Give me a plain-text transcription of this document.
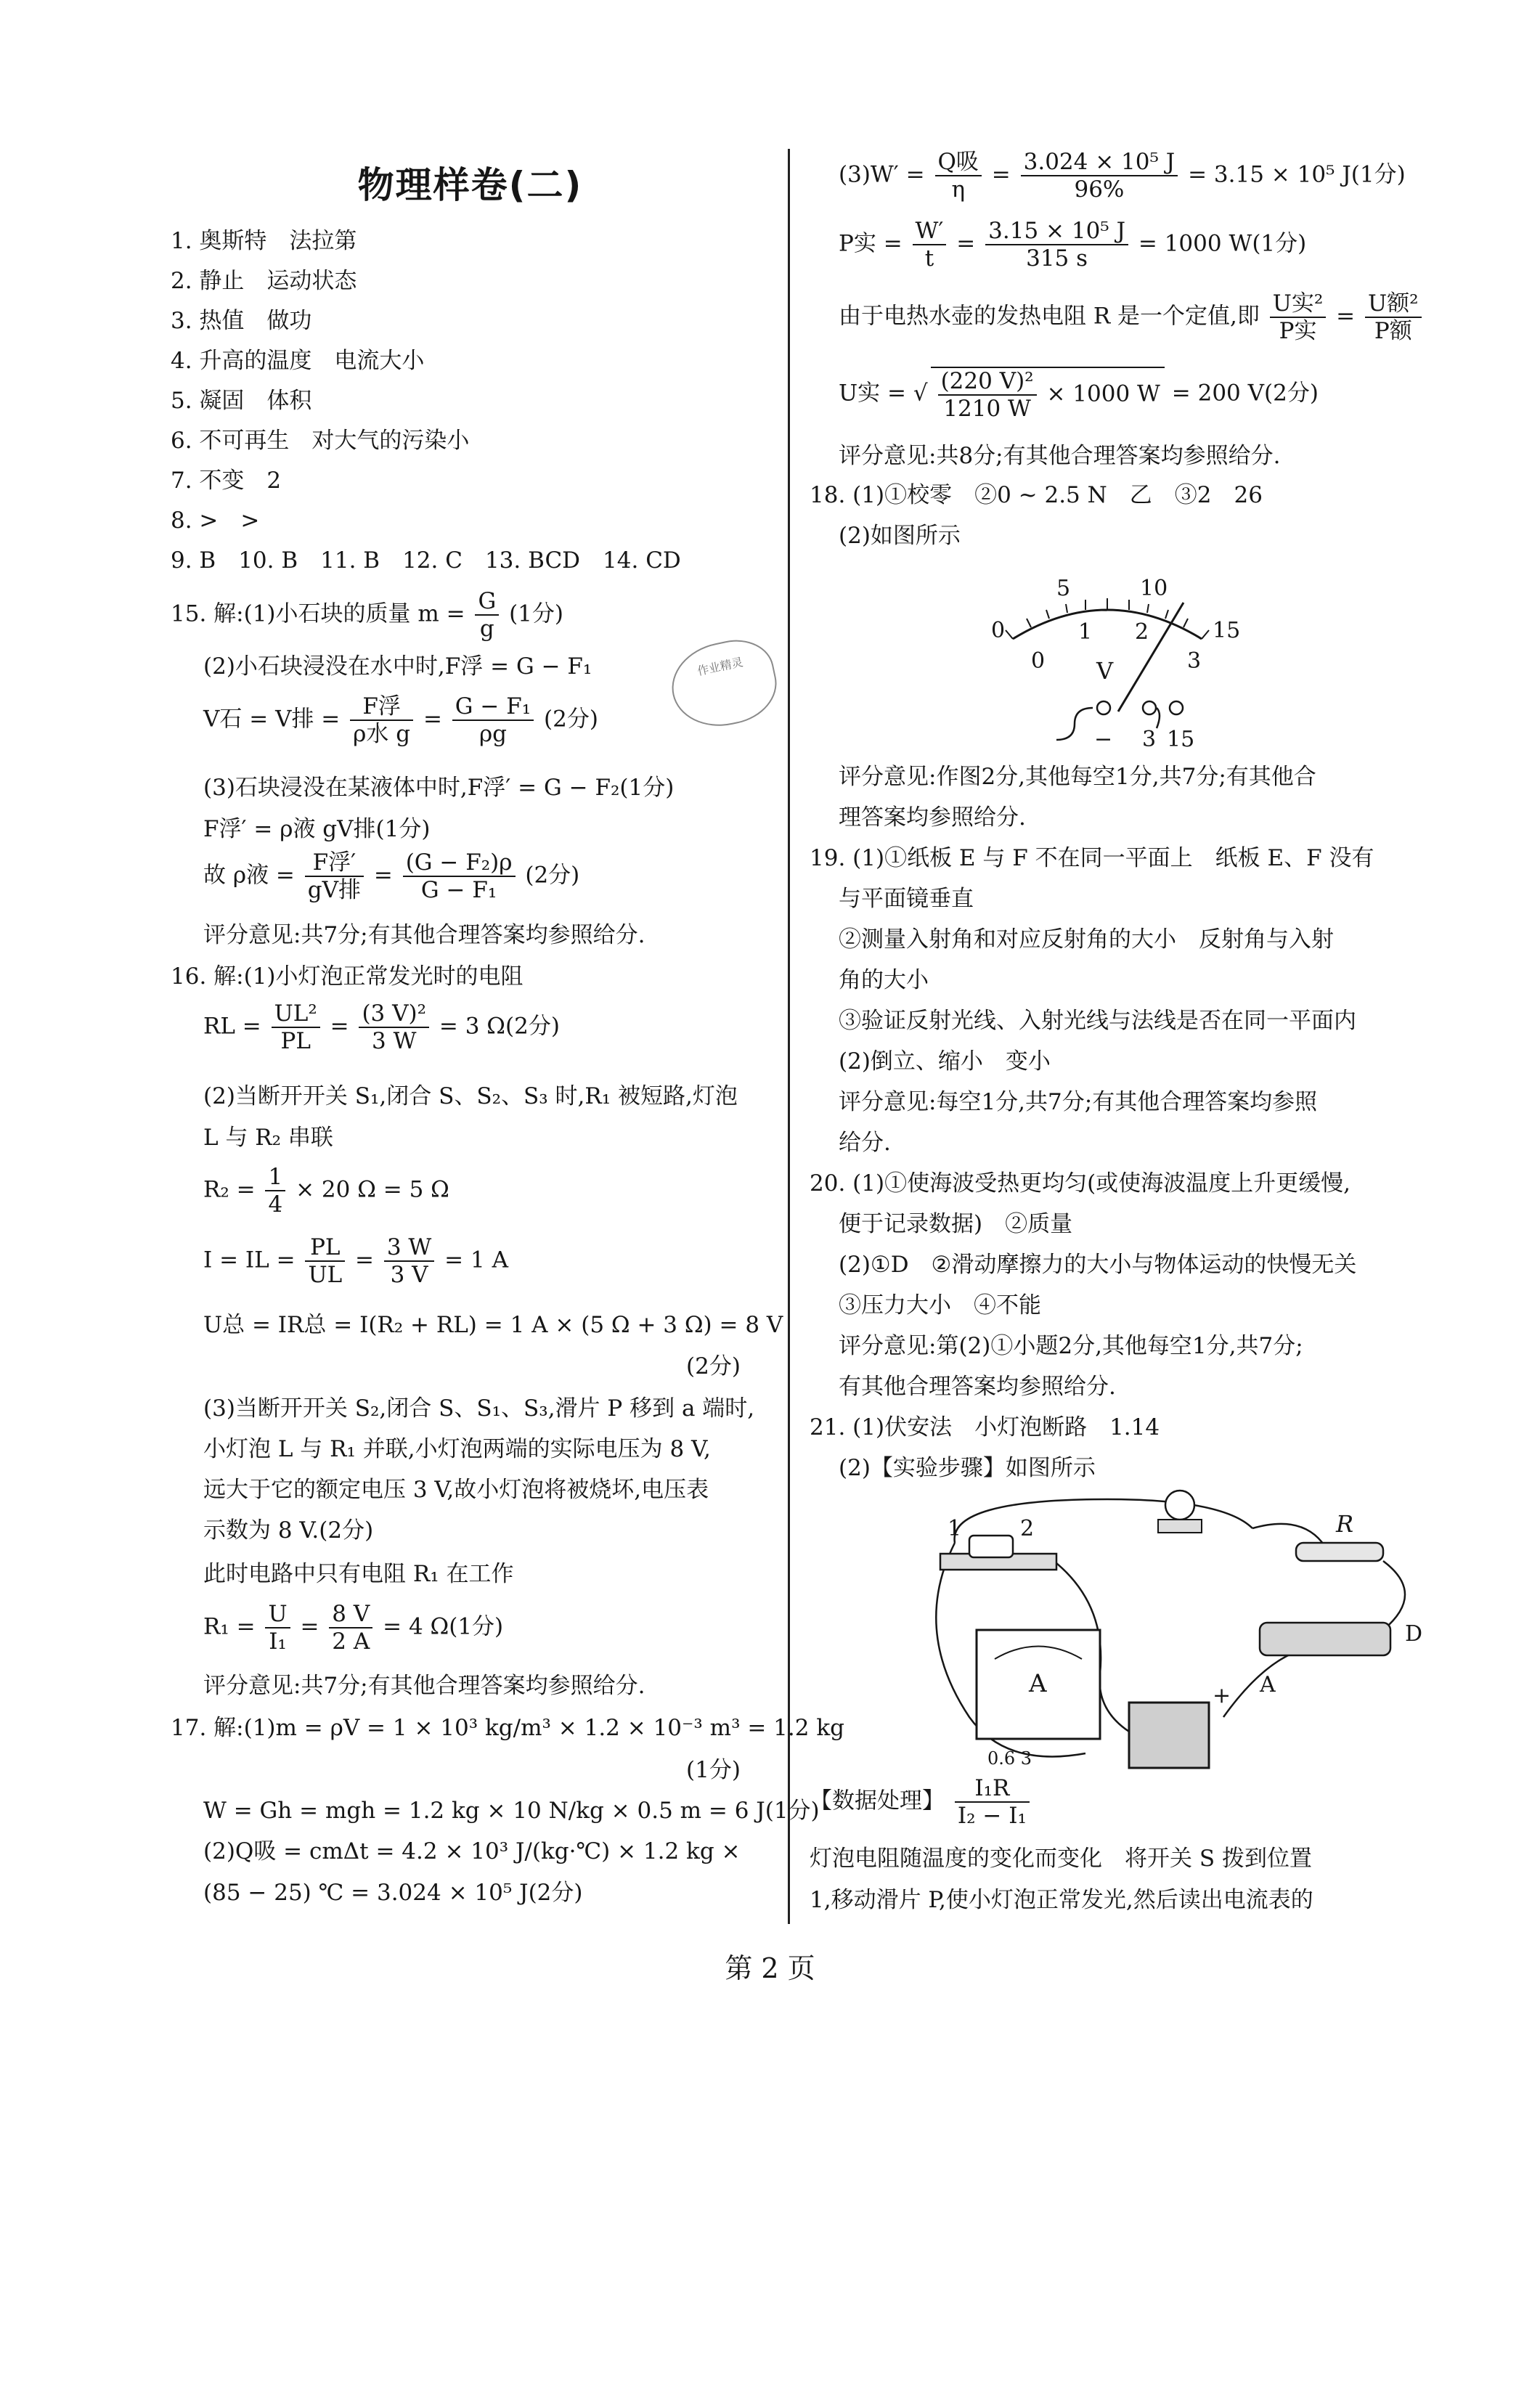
物理样卷(二)
1. 奥斯特　法拉第
2. 静止　运动状态
3. 热值　做功
4. 升高的温度　电流大小
5. 凝固　体积
6. 不可再生　对大气的污染小
7. 不变　2
8. >　>
9. B　10. B　11. B　12. C　13. BCD　14. CD
15. 解:(1)小石块的质量 $m = \frac{G}{g} (1$分)
(2)小石块浸没在水中时,F浮 = G − F₁
V石 = V排 = $\frac{\text{F浮}}{\text{ρ水 g}} = \frac{\text{G − F₁}}{\rho g} (2$分)
(3)石块浸没在某液体中时,F浮′ = G − F₂(1分)
F浮′ = ρ液 gV排(1分)
故 ρ液 = $\frac{\text{F浮′}}{\text{gV排}} = \frac{\text{(G − F₂)ρ}}{\text{G − F₁}} (2$分)
评分意见:共7分;有其他合理答案均参照给分.
16. 解:(1)小灯泡正常发光时的电阻
RL = $\frac{\text{UL²}}{PL} = \frac{\text{(3 V)²}}{3 W} = 3$ Ω(2分)
(2)当断开开关 S₁,闭合 S、S₂、S₃ 时,R₁ 被短路,灯泡
L 与 R₂ 串联
$R_2 = \frac{1}{4} \times 20$ Ω = 5 Ω
I = IL = $\frac{PL}{UL} = \frac{3 W}{3 V} = 1$ A
U总 = IR总 = I(R₂ + RL) = 1 A × (5 Ω + 3 Ω) = 8 V
(2分)
(3)当断开开关 S₂,闭合 S、S₁、S₃,滑片 P 移到 a 端时,
小灯泡 L 与 R₁ 并联,小灯泡两端的实际电压为 8 V,
远大于它的额定电压 3 V,故小灯泡将被烧坏,电压表
示数为 8 V.(2分)
此时电路中只有电阻 R₁ 在工作
$R_1 = \frac{U}{\text{I₁}} = \frac{8 V}{2 A} = 4$ Ω(1分)
评分意见:共7分;有其他合理答案均参照给分.
17. 解:(1)m = ρV = 1 × 10³ kg/m³ × 1.2 × 10⁻³ m³ = 1.2 kg
(1分)
W = Gh = mgh = 1.2 kg × 10 N/kg × 0.5 m = 6 J(1分)
(2)Q吸 = cmΔt = 4.2 × 10³ J/(kg·℃) × 1.2 kg ×
(85 − 25) ℃ = 3.024 × 10⁵ J(2分)
作业精灵
$(3)W' = \frac{\text{Q吸}}{\eta} = \frac{\text{3.024 × 10⁵ J}}{96\%} = 3.15 \times 10^5$ J(1分)
P实 = $\frac{W'}{t} = \frac{\text{3.15 × 10⁵ J}}{315 s} = 1000$ W(1分)
由于电热水壶的发热电阻 R 是一个定值,即 $\frac{\text{U实²}}{\text{P实}} = \frac{\text{U额²}}{\text{P额}}$
U实 = √ $\frac{\text{(220 V)²}}{1210 W} \times 1000$ W = 200 V(2分)
评分意见:共8分;有其他合理答案均参照给分.
18. (1)①校零　②0 ~ 2.5 N　乙　③2　26
(2)如图所示
0
5	10
15
0
1 2
3
V
− 3 15
评分意见:作图2分,其他每空1分,共7分;有其他合
理答案均参照给分.
19. (1)①纸板 E 与 F 不在同一平面上　纸板 E、F 没有
与平面镜垂直
②测量入射角和对应反射角的大小　反射角与入射
角的大小
③验证反射光线、入射光线与法线是否在同一平面内
(2)倒立、缩小　变小
评分意见:每空1分,共7分;有其他合理答案均参照
给分.
20. (1)①使海波受热更均匀(或使海波温度上升更缓慢,
便于记录数据)　②质量
(2)①D　②滑动摩擦力的大小与物体运动的快慢无关
③压力大小　④不能
评分意见:第(2)①小题2分,其他每空1分,共7分;
有其他合理答案均参照给分.
21. (1)伏安法　小灯泡断路　1.14
(2)【实验步骤】如图所示
1	2	R
D
A
A
0.6 3
+
【数据处理】 $\frac{\text{I₁R}}{\text{I₂ − I₁}}$
灯泡电阻随温度的变化而变化　将开关 S 拨到位置
1,移动滑片 P,使小灯泡正常发光,然后读出电流表的
第 2 页
